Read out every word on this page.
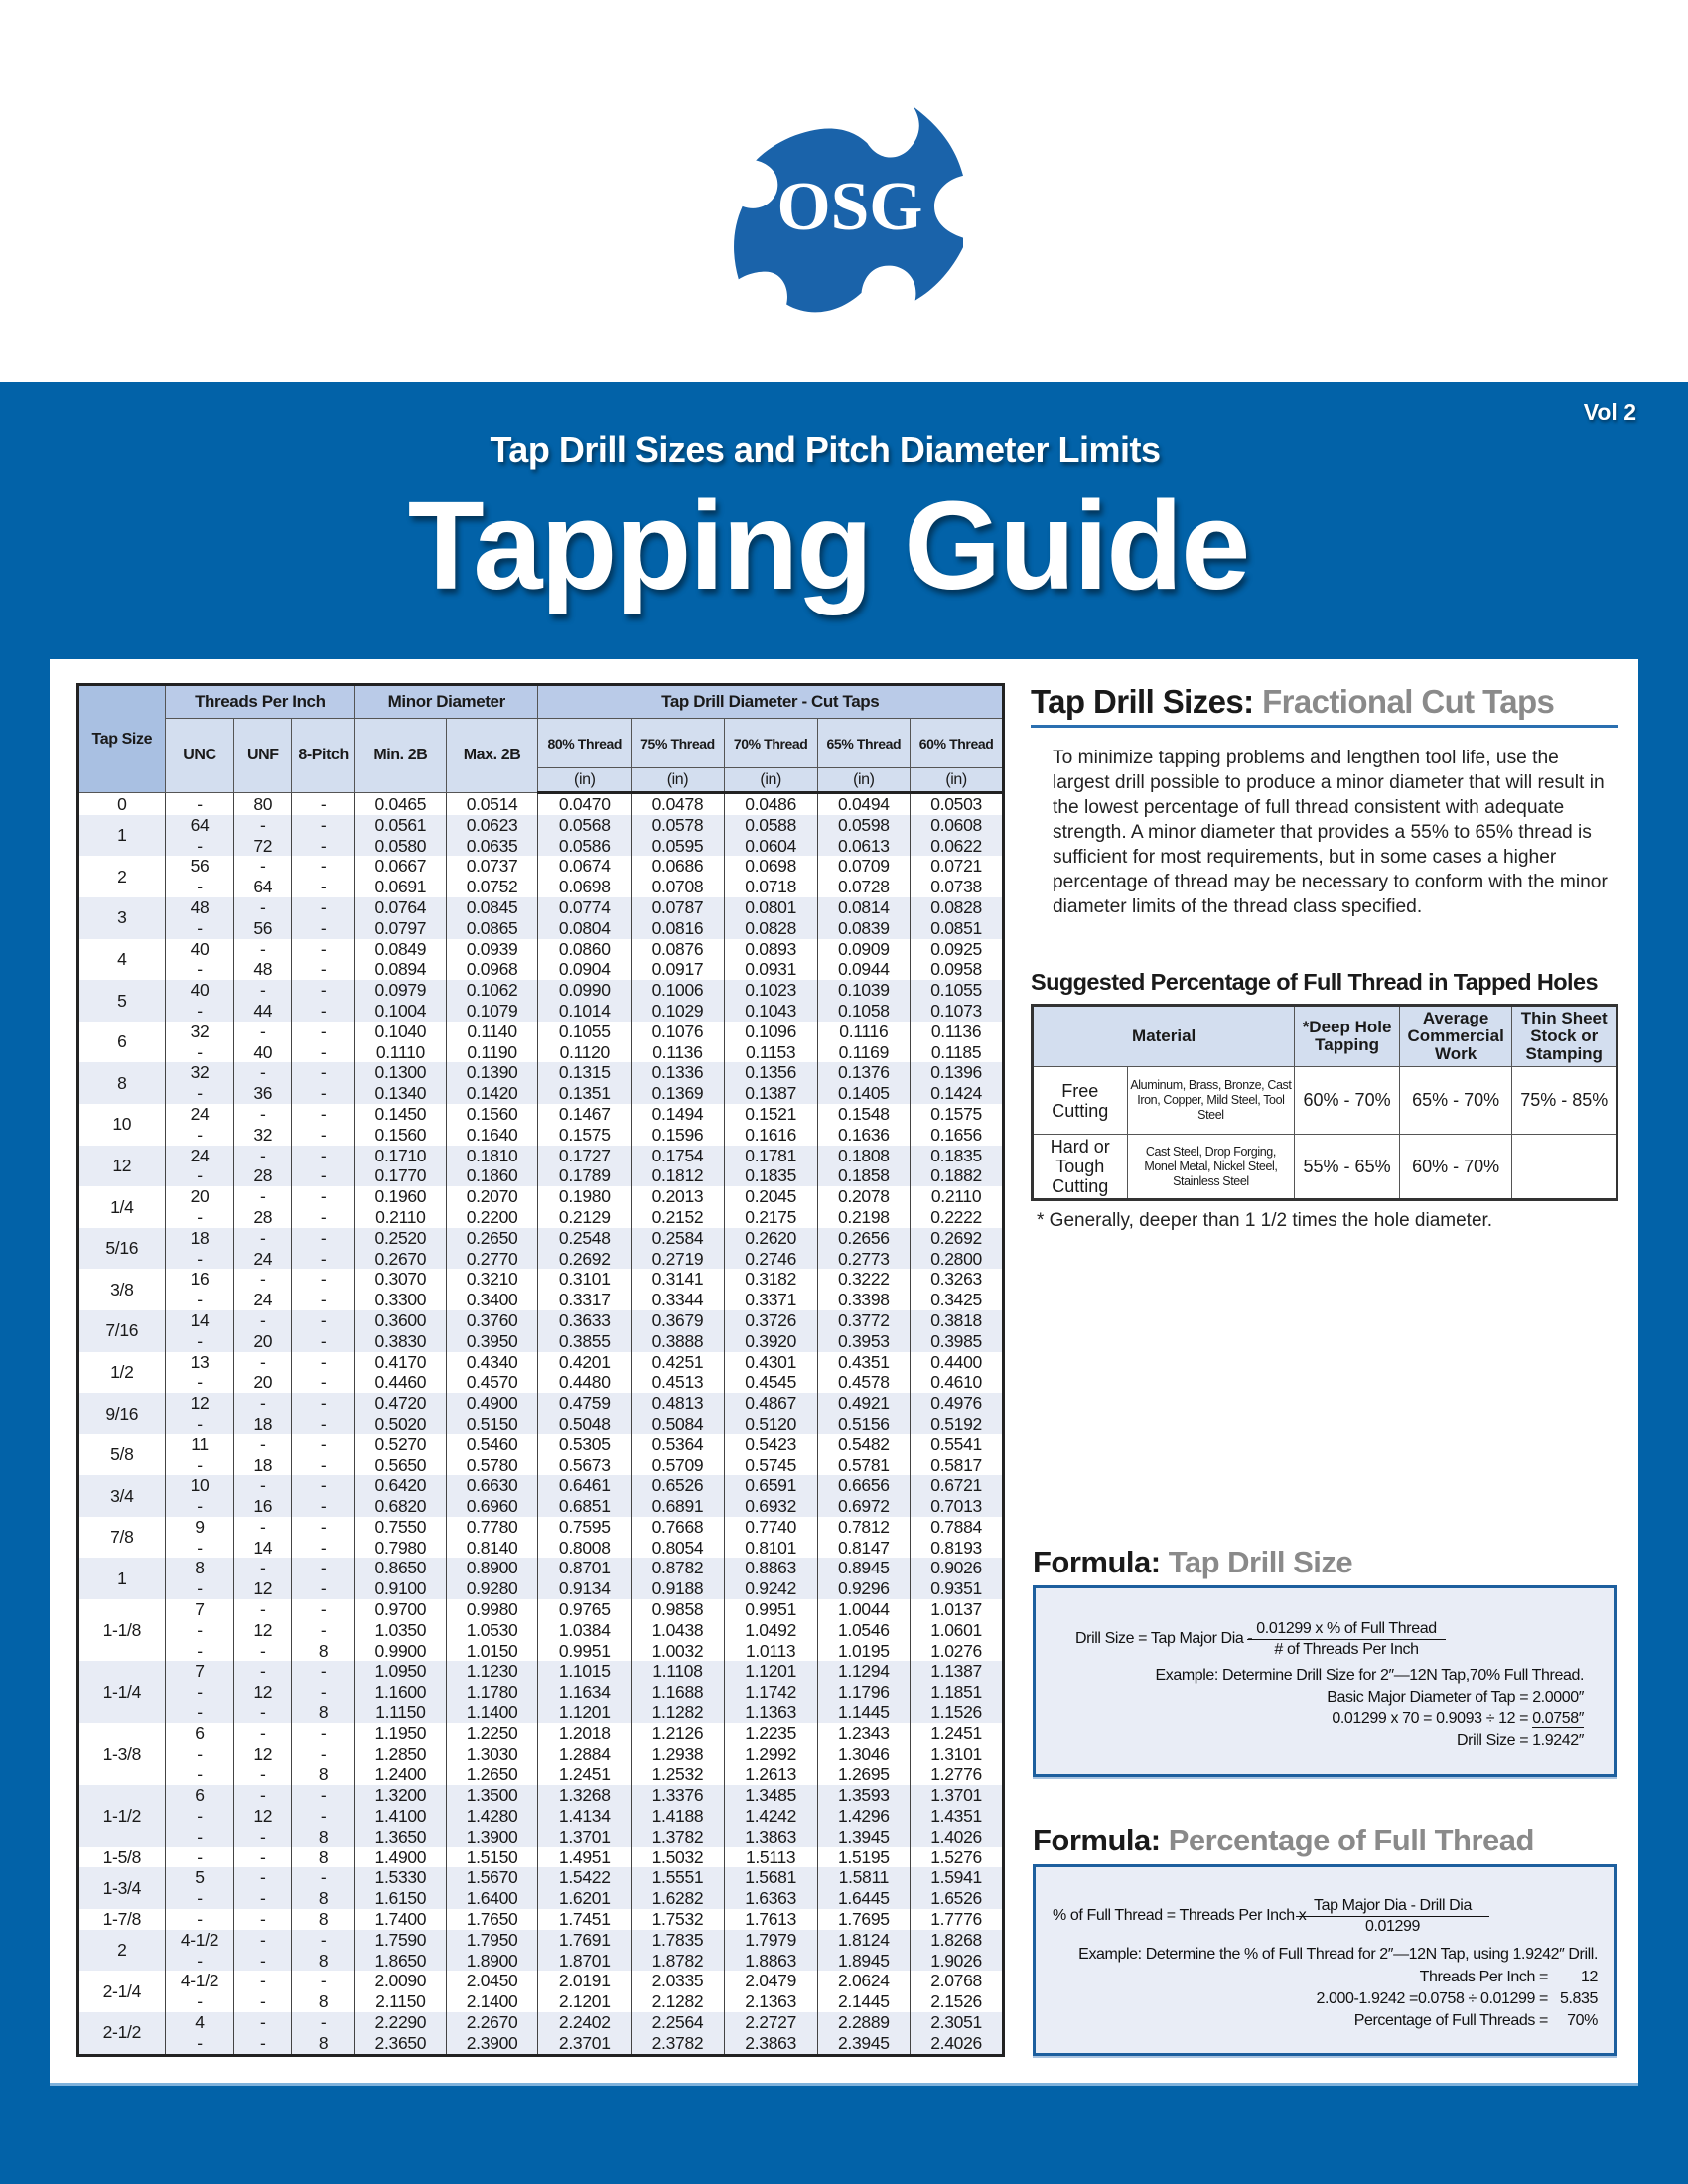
OSG
Vol 2
Tap Drill Sizes and Pitch Diameter Limits
Tapping Guide
Tap Size	Threads Per Inch			Minor Diameter		Tap Drill Diameter - Cut Taps				
	UNC	UNF	8-Pitch	Min. 2B	Max. 2B	80% Thread	75% Thread	70% Thread	65% Thread	60% Thread
						(in)	(in)	(in)	(in)	(in)
0	-	80	-	0.0465	0.0514	0.0470	0.0478	0.0486	0.0494	0.0503
1	64	-	-	0.0561	0.0623	0.0568	0.0578	0.0588	0.0598	0.0608
	-	72	-	0.0580	0.0635	0.0586	0.0595	0.0604	0.0613	0.0622
2	56	-	-	0.0667	0.0737	0.0674	0.0686	0.0698	0.0709	0.0721
	-	64	-	0.0691	0.0752	0.0698	0.0708	0.0718	0.0728	0.0738
3	48	-	-	0.0764	0.0845	0.0774	0.0787	0.0801	0.0814	0.0828
	-	56	-	0.0797	0.0865	0.0804	0.0816	0.0828	0.0839	0.0851
4	40	-	-	0.0849	0.0939	0.0860	0.0876	0.0893	0.0909	0.0925
	-	48	-	0.0894	0.0968	0.0904	0.0917	0.0931	0.0944	0.0958
5	40	-	-	0.0979	0.1062	0.0990	0.1006	0.1023	0.1039	0.1055
	-	44	-	0.1004	0.1079	0.1014	0.1029	0.1043	0.1058	0.1073
6	32	-	-	0.1040	0.1140	0.1055	0.1076	0.1096	0.1116	0.1136
	-	40	-	0.1110	0.1190	0.1120	0.1136	0.1153	0.1169	0.1185
8	32	-	-	0.1300	0.1390	0.1315	0.1336	0.1356	0.1376	0.1396
	-	36	-	0.1340	0.1420	0.1351	0.1369	0.1387	0.1405	0.1424
10	24	-	-	0.1450	0.1560	0.1467	0.1494	0.1521	0.1548	0.1575
	-	32	-	0.1560	0.1640	0.1575	0.1596	0.1616	0.1636	0.1656
12	24	-	-	0.1710	0.1810	0.1727	0.1754	0.1781	0.1808	0.1835
	-	28	-	0.1770	0.1860	0.1789	0.1812	0.1835	0.1858	0.1882
1/4	20	-	-	0.1960	0.2070	0.1980	0.2013	0.2045	0.2078	0.2110
	-	28	-	0.2110	0.2200	0.2129	0.2152	0.2175	0.2198	0.2222
5/16	18	-	-	0.2520	0.2650	0.2548	0.2584	0.2620	0.2656	0.2692
	-	24	-	0.2670	0.2770	0.2692	0.2719	0.2746	0.2773	0.2800
3/8	16	-	-	0.3070	0.3210	0.3101	0.3141	0.3182	0.3222	0.3263
	-	24	-	0.3300	0.3400	0.3317	0.3344	0.3371	0.3398	0.3425
7/16	14	-	-	0.3600	0.3760	0.3633	0.3679	0.3726	0.3772	0.3818
	-	20	-	0.3830	0.3950	0.3855	0.3888	0.3920	0.3953	0.3985
1/2	13	-	-	0.4170	0.4340	0.4201	0.4251	0.4301	0.4351	0.4400
	-	20	-	0.4460	0.4570	0.4480	0.4513	0.4545	0.4578	0.4610
9/16	12	-	-	0.4720	0.4900	0.4759	0.4813	0.4867	0.4921	0.4976
	-	18	-	0.5020	0.5150	0.5048	0.5084	0.5120	0.5156	0.5192
5/8	11	-	-	0.5270	0.5460	0.5305	0.5364	0.5423	0.5482	0.5541
	-	18	-	0.5650	0.5780	0.5673	0.5709	0.5745	0.5781	0.5817
3/4	10	-	-	0.6420	0.6630	0.6461	0.6526	0.6591	0.6656	0.6721
	-	16	-	0.6820	0.6960	0.6851	0.6891	0.6932	0.6972	0.7013
7/8	9	-	-	0.7550	0.7780	0.7595	0.7668	0.7740	0.7812	0.7884
	-	14	-	0.7980	0.8140	0.8008	0.8054	0.8101	0.8147	0.8193
1	8	-	-	0.8650	0.8900	0.8701	0.8782	0.8863	0.8945	0.9026
	-	12	-	0.9100	0.9280	0.9134	0.9188	0.9242	0.9296	0.9351
1-1/8	7	-	-	0.9700	0.9980	0.9765	0.9858	0.9951	1.0044	1.0137
	-	12	-	1.0350	1.0530	1.0384	1.0438	1.0492	1.0546	1.0601
	-	-	8	0.9900	1.0150	0.9951	1.0032	1.0113	1.0195	1.0276
1-1/4	7	-	-	1.0950	1.1230	1.1015	1.1108	1.1201	1.1294	1.1387
	-	12	-	1.1600	1.1780	1.1634	1.1688	1.1742	1.1796	1.1851
	-	-	8	1.1150	1.1400	1.1201	1.1282	1.1363	1.1445	1.1526
1-3/8	6	-	-	1.1950	1.2250	1.2018	1.2126	1.2235	1.2343	1.2451
	-	12	-	1.2850	1.3030	1.2884	1.2938	1.2992	1.3046	1.3101
	-	-	8	1.2400	1.2650	1.2451	1.2532	1.2613	1.2695	1.2776
1-1/2	6	-	-	1.3200	1.3500	1.3268	1.3376	1.3485	1.3593	1.3701
	-	12	-	1.4100	1.4280	1.4134	1.4188	1.4242	1.4296	1.4351
	-	-	8	1.3650	1.3900	1.3701	1.3782	1.3863	1.3945	1.4026
1-5/8	-	-	8	1.4900	1.5150	1.4951	1.5032	1.5113	1.5195	1.5276
1-3/4	5	-	-	1.5330	1.5670	1.5422	1.5551	1.5681	1.5811	1.5941
	-	-	8	1.6150	1.6400	1.6201	1.6282	1.6363	1.6445	1.6526
1-7/8	-	-	8	1.7400	1.7650	1.7451	1.7532	1.7613	1.7695	1.7776
2	4-1/2	-	-	1.7590	1.7950	1.7691	1.7835	1.7979	1.8124	1.8268
	-	-	8	1.8650	1.8900	1.8701	1.8782	1.8863	1.8945	1.9026
2-1/4	4-1/2	-	-	2.0090	2.0450	2.0191	2.0335	2.0479	2.0624	2.0768
	-	-	8	2.1150	2.1400	2.1201	2.1282	2.1363	2.1445	2.1526
2-1/2	4	-	-	2.2290	2.2670	2.2402	2.2564	2.2727	2.2889	2.3051
	-	-	8	2.3650	2.3900	2.3701	2.3782	2.3863	2.3945	2.4026
Tap Drill Sizes: Fractional Cut Taps

To minimize tapping problems and lengthen tool life, use the largest drill possible to produce a minor diameter that will result in the lowest percentage of full thread consistent with adequate strength. A minor diameter that provides a 55% to 65% thread is sufficient for most requirements, but in some cases a higher percentage of thread may be necessary to conform with the minor diameter limits of the thread class specified.

Suggested Percentage of Full Thread in Tapped Holes
Material		*Deep Hole Tapping	Average Commercial Work	Thin Sheet Stock or Stamping
Free Cutting	Aluminum, Brass, Bronze, Cast Iron, Copper, Mild Steel, Tool Steel	60% - 70%	65% - 70%	75% - 85%
Hard or Tough Cutting	Cast Steel, Drop Forging, Monel Metal, Nickel Steel, Stainless Steel	55% - 65%	60% - 70%	
* Generally, deeper than 1 1/2 times the hole diameter.
Formula: Tap Drill Size
Drill Size = Tap Major Dia -
0.01299 x % of Full Thread
# of Threads Per Inch
Example: Determine Drill Size for 2″—12N Tap,70% Full Thread.
Basic Major Diameter of Tap = 2.0000″
0.01299 x 70 = 0.9093 ÷ 12 = 0.0758″
Drill Size = 1.9242″
Formula: Percentage of Full Thread
% of Full Thread = Threads Per Inch x
Tap Major Dia - Drill Dia
0.01299
Example: Determine the % of Full Thread for 2″—12N Tap, using 1.9242″ Drill.
Threads Per Inch = 12
2.000-1.9242 =0.0758 ÷ 0.01299 = 5.835
Percentage of Full Threads = 70%
